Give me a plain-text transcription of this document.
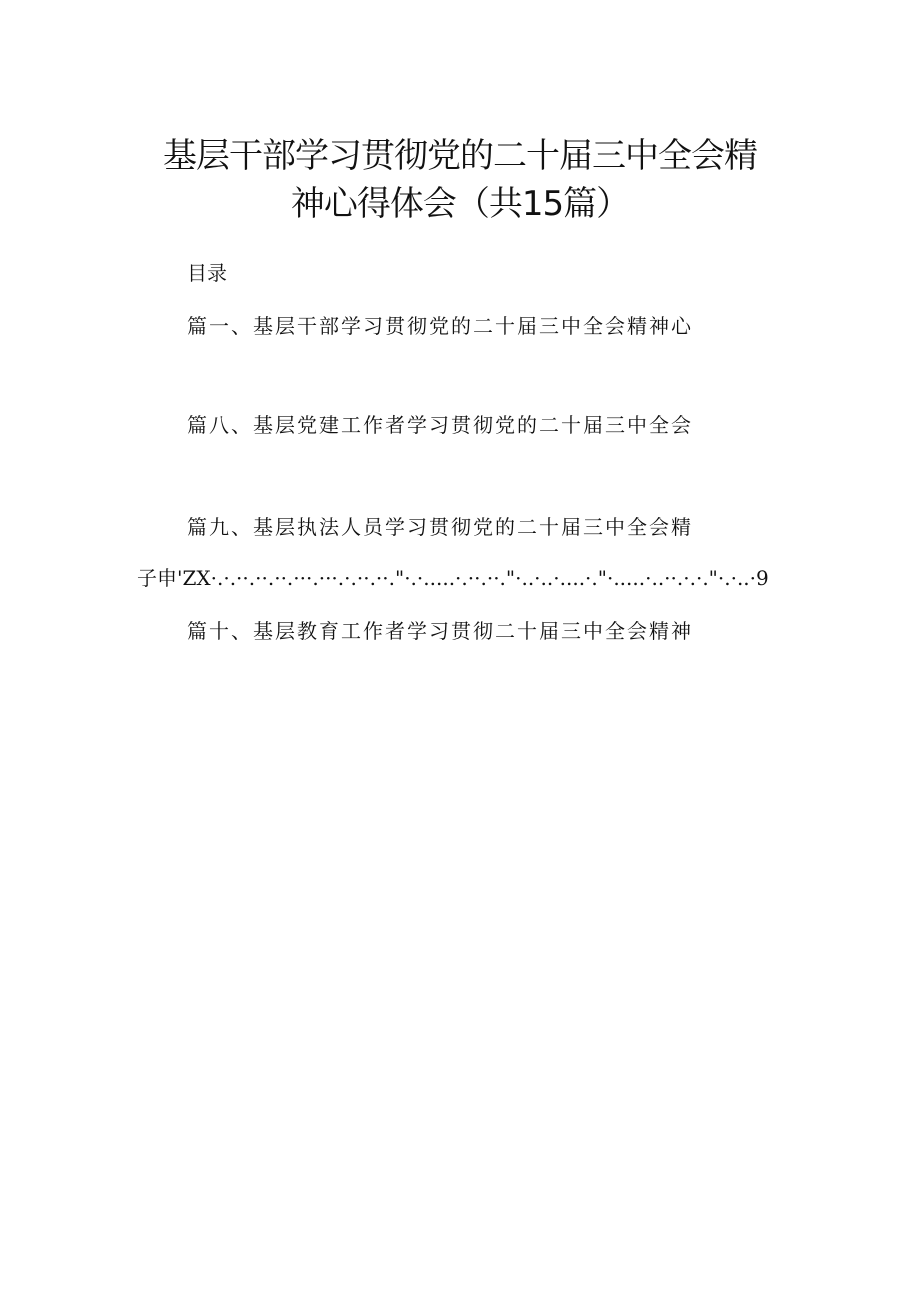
基层干部学习贯彻党的二十届三中全会精
神心得体会（共15篇）
目录
篇一、基层干部学习贯彻党的二十届三中全会精神心
篇八、基层党建工作者学习贯彻党的二十届三中全会
篇九、基层执法人员学习贯彻党的二十届三中全会精
子申'ZX·.·.··.··.··.···.···.·.··.··."·.·.....·.··.··."·..·..·....·."·.....·..··.·.·."·.·..·9
篇十、基层教育工作者学习贯彻二十届三中全会精神
